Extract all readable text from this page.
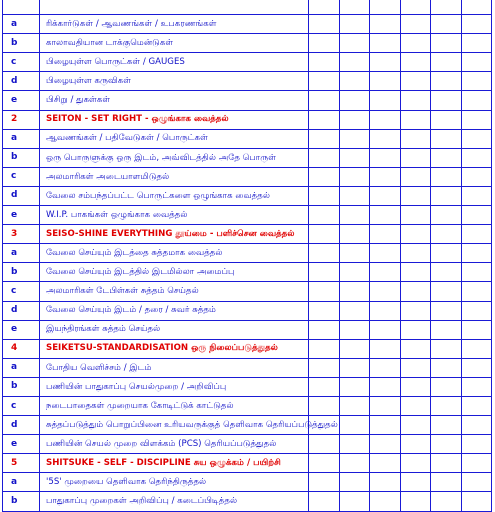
a	ரிக்கார்டுகள் / ஆவணங்கள் / உபகரணங்கள்						
b	காலாவதியான டாக்குமென்டுகள்						
c	பிழையுள்ள பொருட்கள் / GAUGES						
d	பிழையுள்ள கருவிகள்						
e	பிசிறு / துகள்கள்						
2	SEITON - SET RIGHT - ஒழுங்காக வைத்தல்						
a	ஆவணங்கள் / பதிவேடுகள் / பொருட்கள்						
b	ஒரு பொருளுக்கு ஒரு இடம், அவ்விடத்தில் அதே பொருள்						
c	அலமாரிகள் அடையாளமிடுதல்						
d	வேலை சம்பந்தப்பட்ட பொருட்களை ஒழுங்காக வைத்தல்						
e	W.I.P. பாகங்கள் ஒழுங்காக வைத்தல்						
3	SEISO-SHINE EVERYTHING தூய்மை - பளிச்சென வைத்தல்						
a	வேலை செய்யும் இடத்தை சுத்தமாக வைத்தல்						
b	வேலை செய்யும் இடத்தில் இடமில்லா அமைப்பு						
c	அலமாரிகள் டேபிள்கள் சுத்தம் செய்தல்						
d	வேலை செய்யும் இடம் / தரை / சுவர் சுத்தம்						
e	இயந்திரங்கள் சுத்தம் செய்தல்						
4	SEIKETSU-STANDARDISATION ஒரு நிலைப்படுத்துதல்						
a	போதிய வெளிச்சம் / இடம்						
b	பணியின் பாதுகாப்பு செயல்முறை / அறிவிப்பு						
c	நடைபாதைகள் முறையாக கோடிட்டுக் காட்டுதல்						
d	சுத்தப்படுத்தும் பொறுப்பினை உரியவருக்குத் தெளிவாக தெரியப்படுத்துதல்						
e	பணியின் செயல் முறை விளக்கம் (PCS) தெரியப்படுத்துதல்						
5	SHITSUKE - SELF - DISCIPLINE சுய ஒழுக்கம் / பயிற்சி						
a	'5S' முறையை தெளிவாக தெரிந்திருத்தல்						
b	பாதுகாப்பு முறைகள் அறிவிப்பு / கடைப்பிடித்தல்						
